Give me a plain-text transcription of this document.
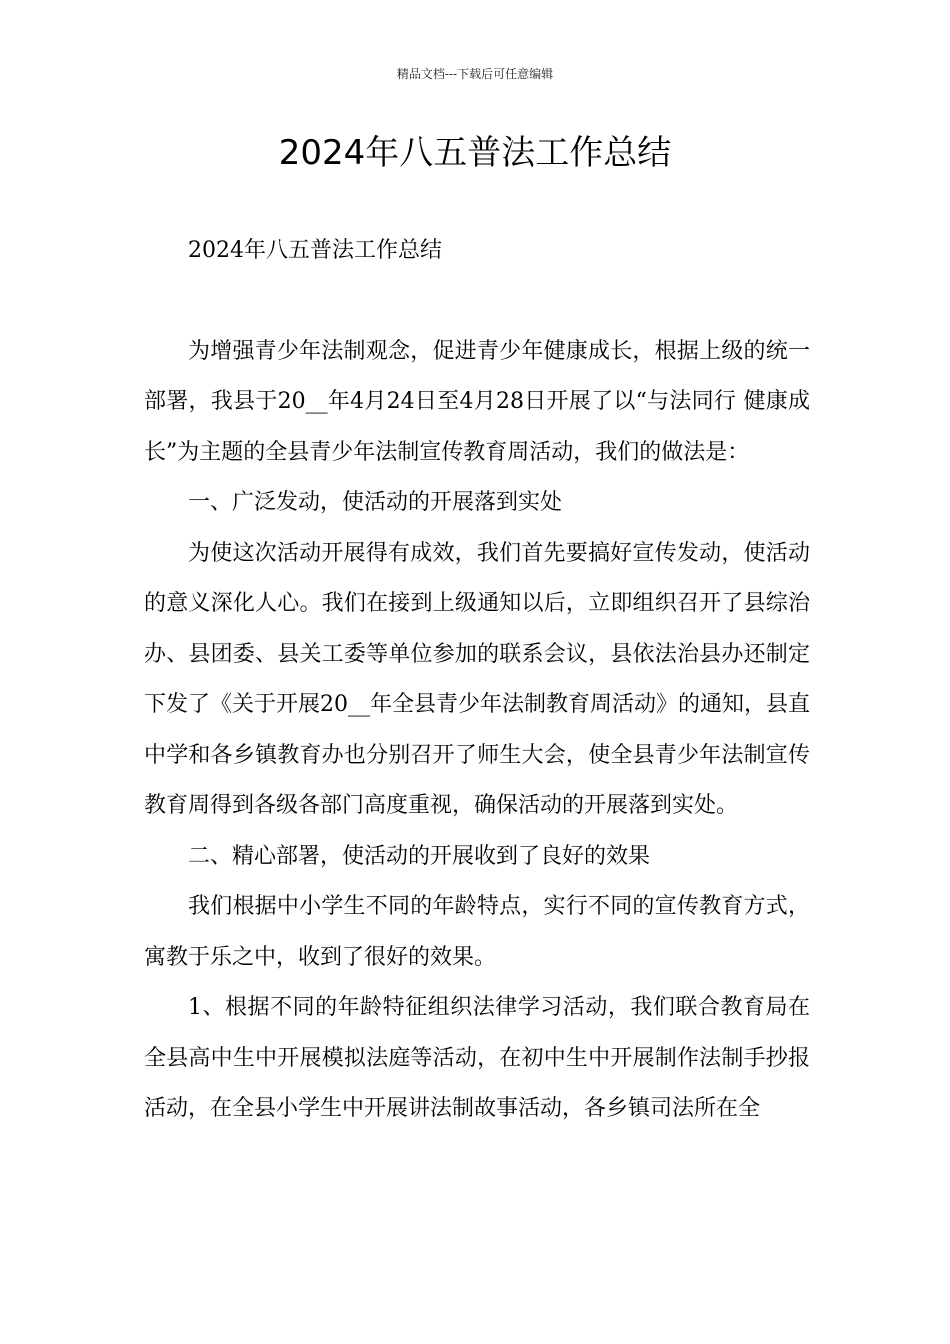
精品文档---下载后可任意编辑
2024年八五普法工作总结

2024年八五普法工作总结

为增强青少年法制观念，促进青少年健康成长，根据上级的统一部署，我县于20__年4月24日至4月28日开展了以“与法同行 健康成长”为主题的全县青少年法制宣传教育周活动，我们的做法是：

一、广泛发动，使活动的开展落到实处

为使这次活动开展得有成效，我们首先要搞好宣传发动，使活动的意义深化人心。我们在接到上级通知以后，立即组织召开了县综治办、县团委、县关工委等单位参加的联系会议，县依法治县办还制定下发了《关于开展20__年全县青少年法制教育周活动》的通知，县直中学和各乡镇教育办也分别召开了师生大会，使全县青少年法制宣传教育周得到各级各部门高度重视，确保活动的开展落到实处。

二、精心部署，使活动的开展收到了良好的效果

我们根据中小学生不同的年龄特点，实行不同的宣传教育方式，寓教于乐之中，收到了很好的效果。

1、根据不同的年龄特征组织法律学习活动，我们联合教育局在全县高中生中开展模拟法庭等活动，在初中生中开展制作法制手抄报活动，在全县小学生中开展讲法制故事活动，各乡镇司法所在全
